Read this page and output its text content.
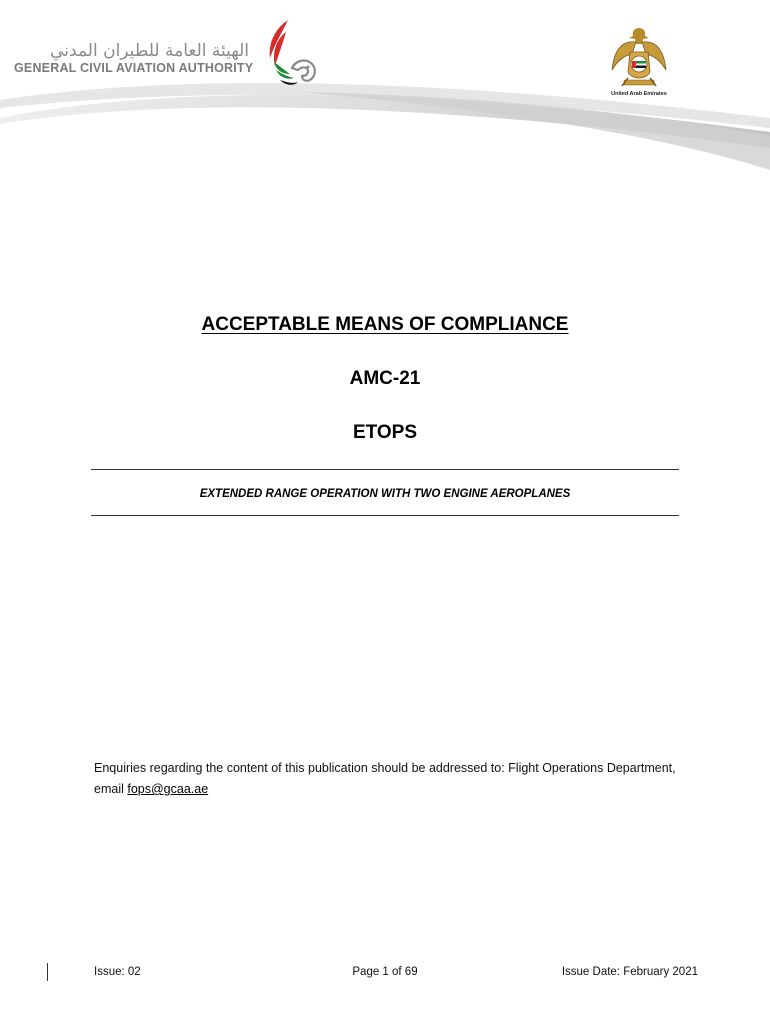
الهيئة العامة للطيران المدني
GENERAL CIVIL AVIATION AUTHORITY
United Arab Emirates
ACCEPTABLE MEANS OF COMPLIANCE
AMC-21
ETOPS
EXTENDED RANGE OPERATION WITH TWO ENGINE AEROPLANES
Enquiries regarding the content of this publication should be addressed to: Flight Operations Department, email fops@gcaa.ae
Issue: 02	Page 1 of 69	Issue Date: February 2021
